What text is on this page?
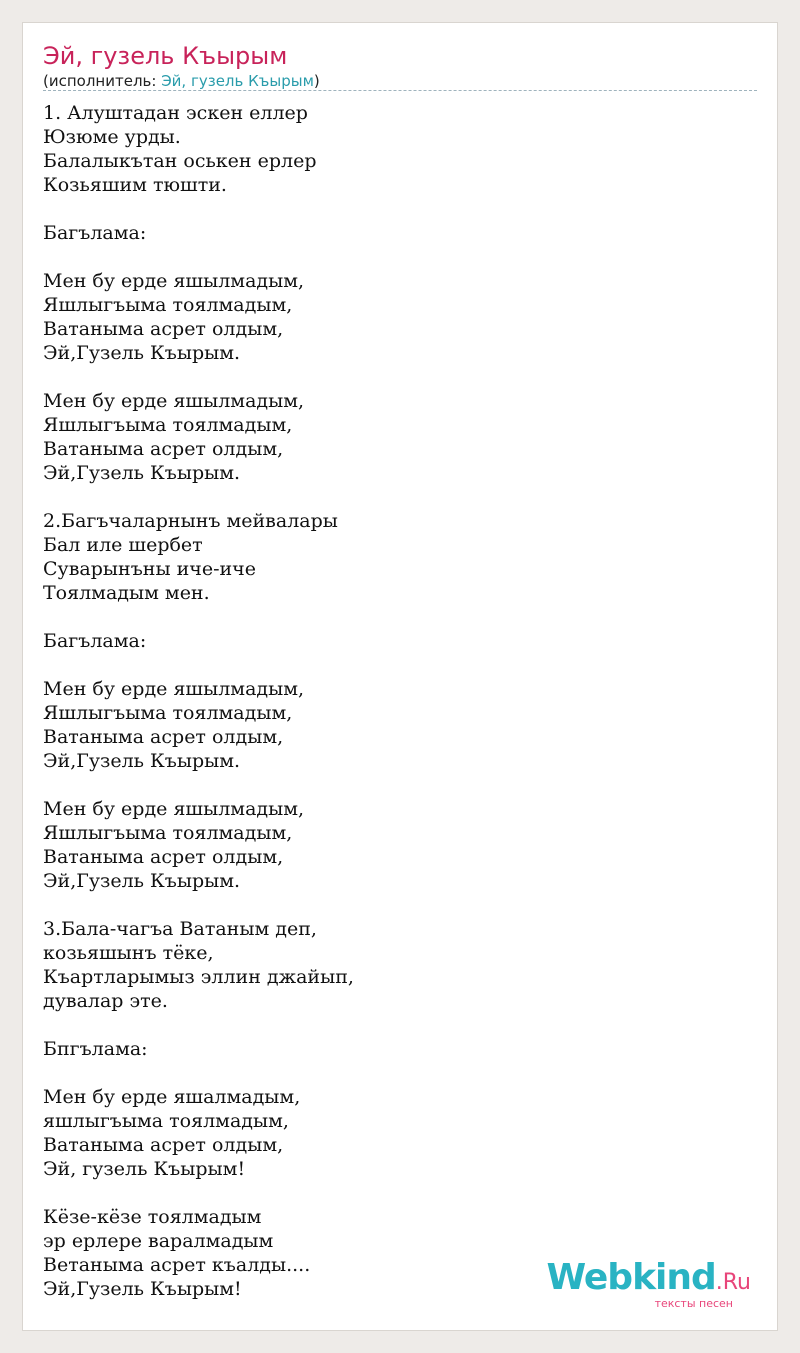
Эй, гузель Къырым
(исполнитель: Эй, гузель Къырым)
1. Алуштадан эскен еллер
Юзюме урды.
Балалыкътан оськен ерлер
Козьяшим тюшти.

Багълама:

Мен бу ерде яшылмадым,
Яшлыгъыма тоялмадым,
Ватаныма асрет олдым,
Эй,Гузель Къырым.

Мен бу ерде яшылмадым,
Яшлыгъыма тоялмадым,
Ватаныма асрет олдым,
Эй,Гузель Къырым.

2.Багъчаларнынъ мейвалары
Бал иле шербет
Суварынъны иче-иче
Тоялмадым мен.

Багълама:

Мен бу ерде яшылмадым,
Яшлыгъыма тоялмадым,
Ватаныма асрет олдым,
Эй,Гузель Къырым.

Мен бу ерде яшылмадым,
Яшлыгъыма тоялмадым,
Ватаныма асрет олдым,
Эй,Гузель Къырым.

3.Бала-чагъа Ватаным деп,
козьяшынъ тёке,
Къартларымыз эллин джайып,
дувалар эте.

Бпгълама:

Мен бу ерде яшалмадым,
яшлыгъыма тоялмадым,
Ватаныма асрет олдым,
Эй, гузель Къырым!

Кёзе-кёзе тоялмадым
эр ерлере варалмадым
Ветаныма асрет къалды....
Эй,Гузель Къырым!	Webkind.Ru
тексты песен
